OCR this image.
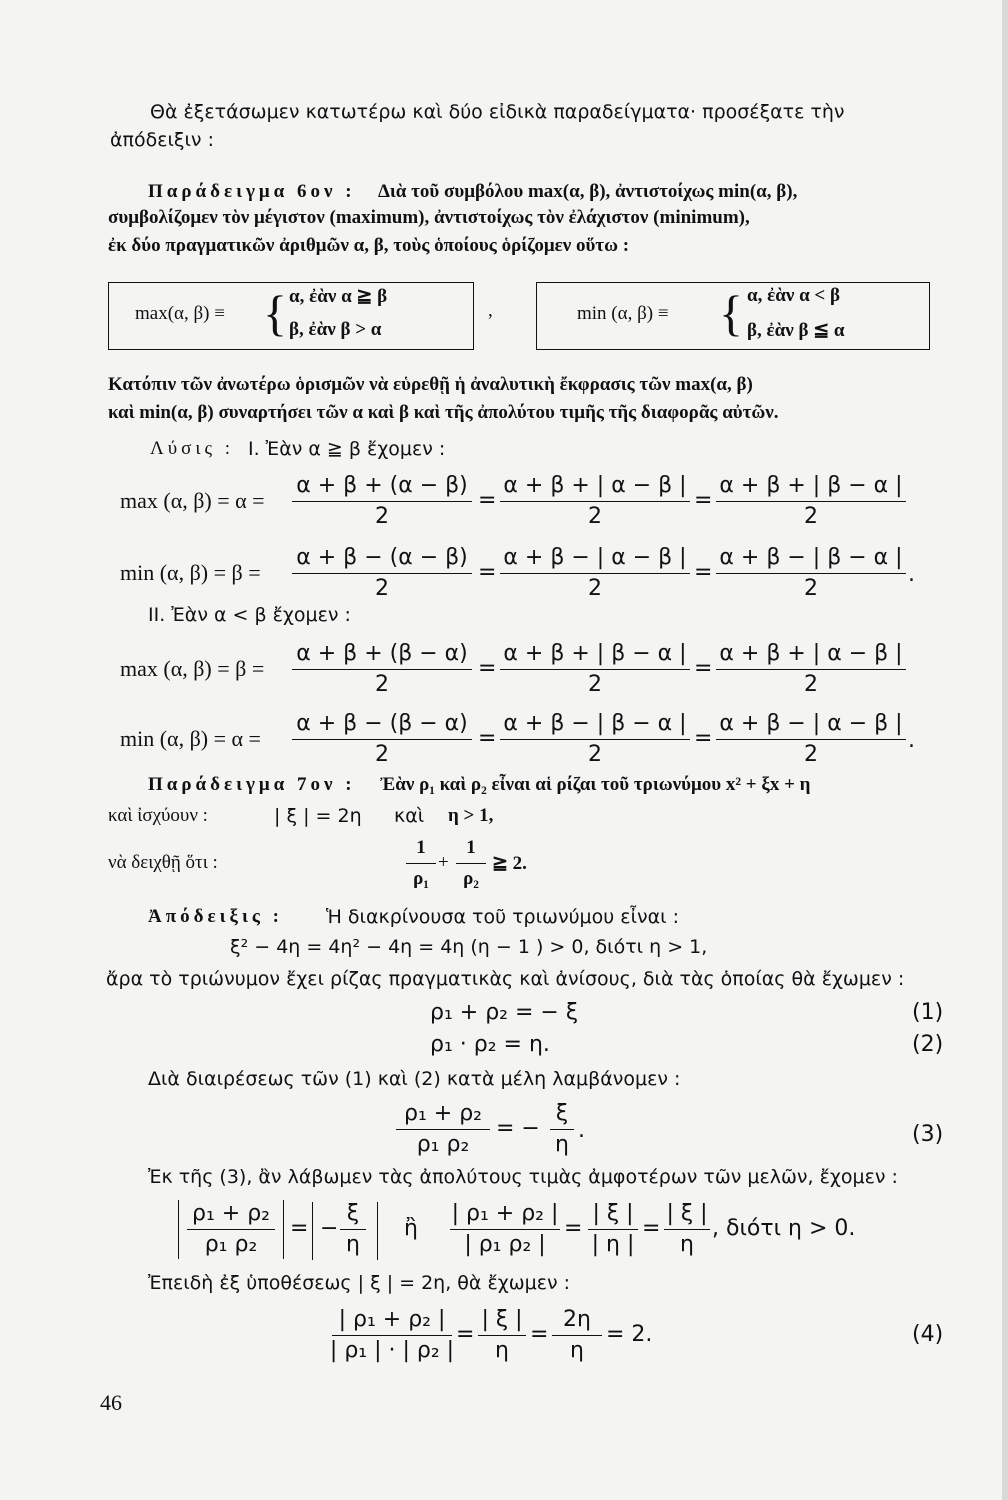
Θὰ ἐξετάσωμεν κατωτέρω καὶ δύο εἰδικὰ παραδείγματα· προσέξατε τὴν
ἀπόδειξιν :
Παράδειγμα 6ον : Διὰ τοῦ συμβόλου max(α, β), ἀντιστοίχως min(α, β),
συμβολίζομεν τὸν μέγιστον (maximum), ἀντιστοίχως τὸν ἐλάχιστον (minimum),
ἐκ δύο πραγματικῶν ἀριθμῶν α, β, τοὺς ὁποίους ὁρίζομεν οὕτω :
max(α, β) ≡ { α, ἐὰν α ≧ β
β, ἐὰν β > α
,	min (α, β) ≡ { α, ἐὰν α < β
β, ἐὰν β ≦ α
Κατόπιν τῶν ἀνωτέρω ὁρισμῶν νὰ εὑρεθῇ ἡ ἀναλυτικὴ ἔκφρασις τῶν max(α, β)
καὶ min(α, β) συναρτήσει τῶν α καὶ β καὶ τῆς ἀπολύτου τιμῆς τῆς διαφορᾶς αὐτῶν.
Λύσις : I. Ἐὰν α ≧ β ἔχομεν :
max (α, β) = α =
α + β + (α − β)
2
=
α + β + | α − β |
2
=
α + β + | β − α |
2
min (α, β) = β =
α + β − (α − β)
2
=
α + β − | α − β |
2
=
α + β − | β − α |
2
.
II. Ἐὰν α < β ἔχομεν :
max (α, β) = β =
α + β + (β − α)
2
=
α + β + | β − α |
2
=
α + β + | α − β |
2
min (α, β) = α =
α + β − (β − α)
2
=
α + β − | β − α |
2
=
α + β − | α − β |
2
.
Παράδειγμα 7ον : Ἐὰν ρ₁ καὶ ρ₂ εἶναι αἱ ρίζαι τοῦ τριωνύμου x² + ξx + η
καὶ ἰσχύουν :	| ξ | = 2η καὶ η > 1,
νὰ δειχθῇ ὅτι :
1
ρ₁
+
1
ρ₂
≧ 2.
Ἀπόδειξις : Ἡ διακρίνουσα τοῦ τριωνύμου εἶναι :
ξ² − 4η = 4η² − 4η = 4η (η − 1 ) > 0, διότι η > 1,
ἄρα τὸ τριώνυμον ἔχει ρίζας πραγματικὰς καὶ ἀνίσους, διὰ τὰς ὁποίας θὰ ἔχωμεν :
ρ₁ + ρ₂ = − ξ	(1)
ρ₁ · ρ₂ = η.	(2)
Διὰ διαιρέσεως τῶν (1) καὶ (2) κατὰ μέλη λαμβάνομεν :
ρ₁ + ρ₂
ρ₁ ρ₂
= −
ξ
η
.	(3)
Ἐκ τῆς (3), ἂν λάβωμεν τὰς ἀπολύτους τιμὰς ἀμφοτέρων τῶν μελῶν, ἔχομεν :
ρ₁ + ρ₂
ρ₁ ρ₂
= −
ξ
η
ἢ
| ρ₁ + ρ₂ |
| ρ₁ ρ₂ |
=
| ξ |
| η |
=
| ξ |
η
, διότι η > 0.
Ἐπειδὴ ἐξ ὑποθέσεως | ξ | = 2η, θὰ ἔχωμεν :
| ρ₁ + ρ₂ |
| ρ₁ | · | ρ₂ |
=
| ξ |
η
=
2η
η
= 2.	(4)
46
